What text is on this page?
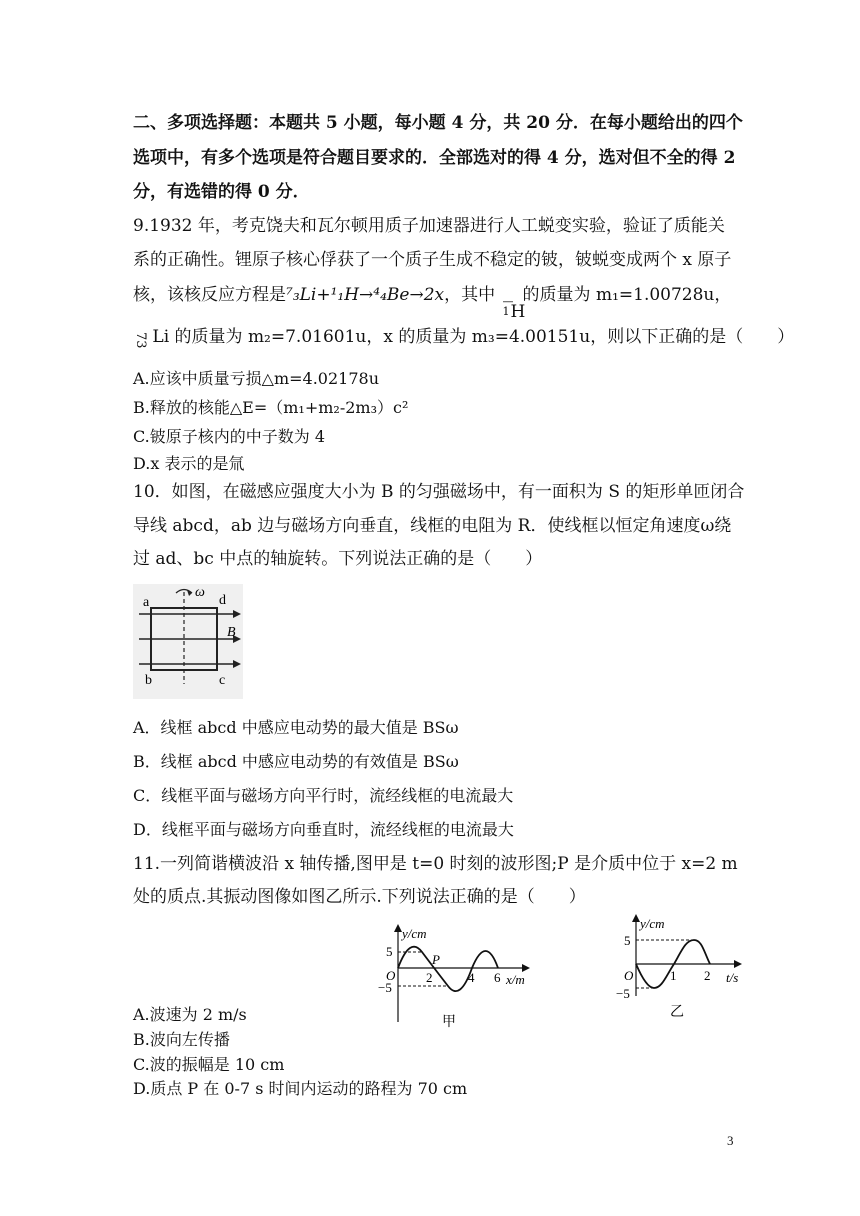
二、多项选择题：本题共 5 小题，每小题 4 分，共 20 分．在每小题给出的四个
选项中，有多个选项是符合题目要求的．全部选对的得 4 分，选对但不全的得 2
分，有选错的得 0 分．
9.1932 年，考克饶夫和瓦尔顿用质子加速器进行人工蜕变实验，验证了质能关
系的正确性。锂原子核心俘获了一个质子生成不稳定的铍，铍蜕变成两个 x 原子
核，该核反应方程是⁷₃Li+¹₁H→⁴₄Be→2x，其中 —
1 H
的质量为 m₁=1.00728u，
73 Li 的质量为 m₂=7.01601u，x 的质量为 m₃=4.00151u，则以下正确的是（　　）
A.应该中质量亏损△m=4.02178u
B.释放的核能△E=（m₁+m₂-2m₃）c²
C.铍原子核内的中子数为 4
D.x 表示的是氚
10．如图，在磁感应强度大小为 B 的匀强磁场中，有一面积为 S 的矩形单匝闭合
导线 abcd，ab 边与磁场方向垂直，线框的电阻为 R．使线框以恒定角速度ω绕
过 ad、bc 中点的轴旋转。下列说法正确的是（　　）
ω
a	d
b	c
B
A．线框 abcd 中感应电动势的最大值是 BSω
B．线框 abcd 中感应电动势的有效值是 BSω
C．线框平面与磁场方向平行时，流经线框的电流最大
D．线框平面与磁场方向垂直时，流经线框的电流最大
11.一列简谐横波沿 x 轴传播,图甲是 t=0 时刻的波形图;P 是介质中位于 x=2 m
处的质点.其振动图像如图乙所示.下列说法正确的是（　　）
y/cm
x/m
5
−5
O 2	4 6
P
甲
y/cm
t/s
5
−5
O	1 2
乙
A.波速为 2 m/s
B.波向左传播
C.波的振幅是 10 cm
D.质点 P 在 0-7 s 时间内运动的路程为 70 cm
3
